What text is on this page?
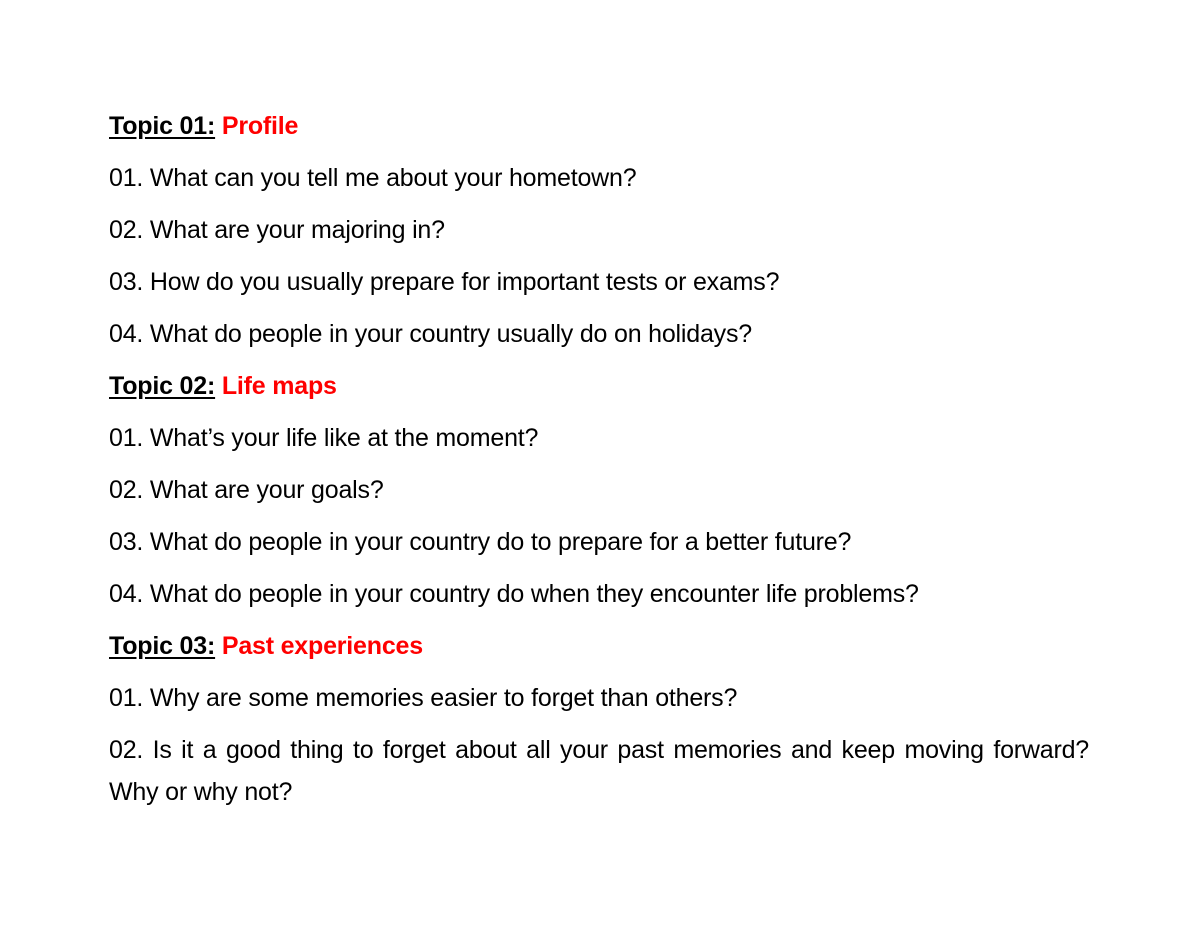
Topic 01: Profile
01. What can you tell me about your hometown?
02. What are your majoring in?
03. How do you usually prepare for important tests or exams?
04. What do people in your country usually do on holidays?
Topic 02: Life maps
01. What’s your life like at the moment?
02. What are your goals?
03. What do people in your country do to prepare for a better future?
04. What do people in your country do when they encounter life problems?
Topic 03: Past experiences
01. Why are some memories easier to forget than others?
02. Is it a good thing to forget about all your past memories and keep moving forward? Why or why not?
